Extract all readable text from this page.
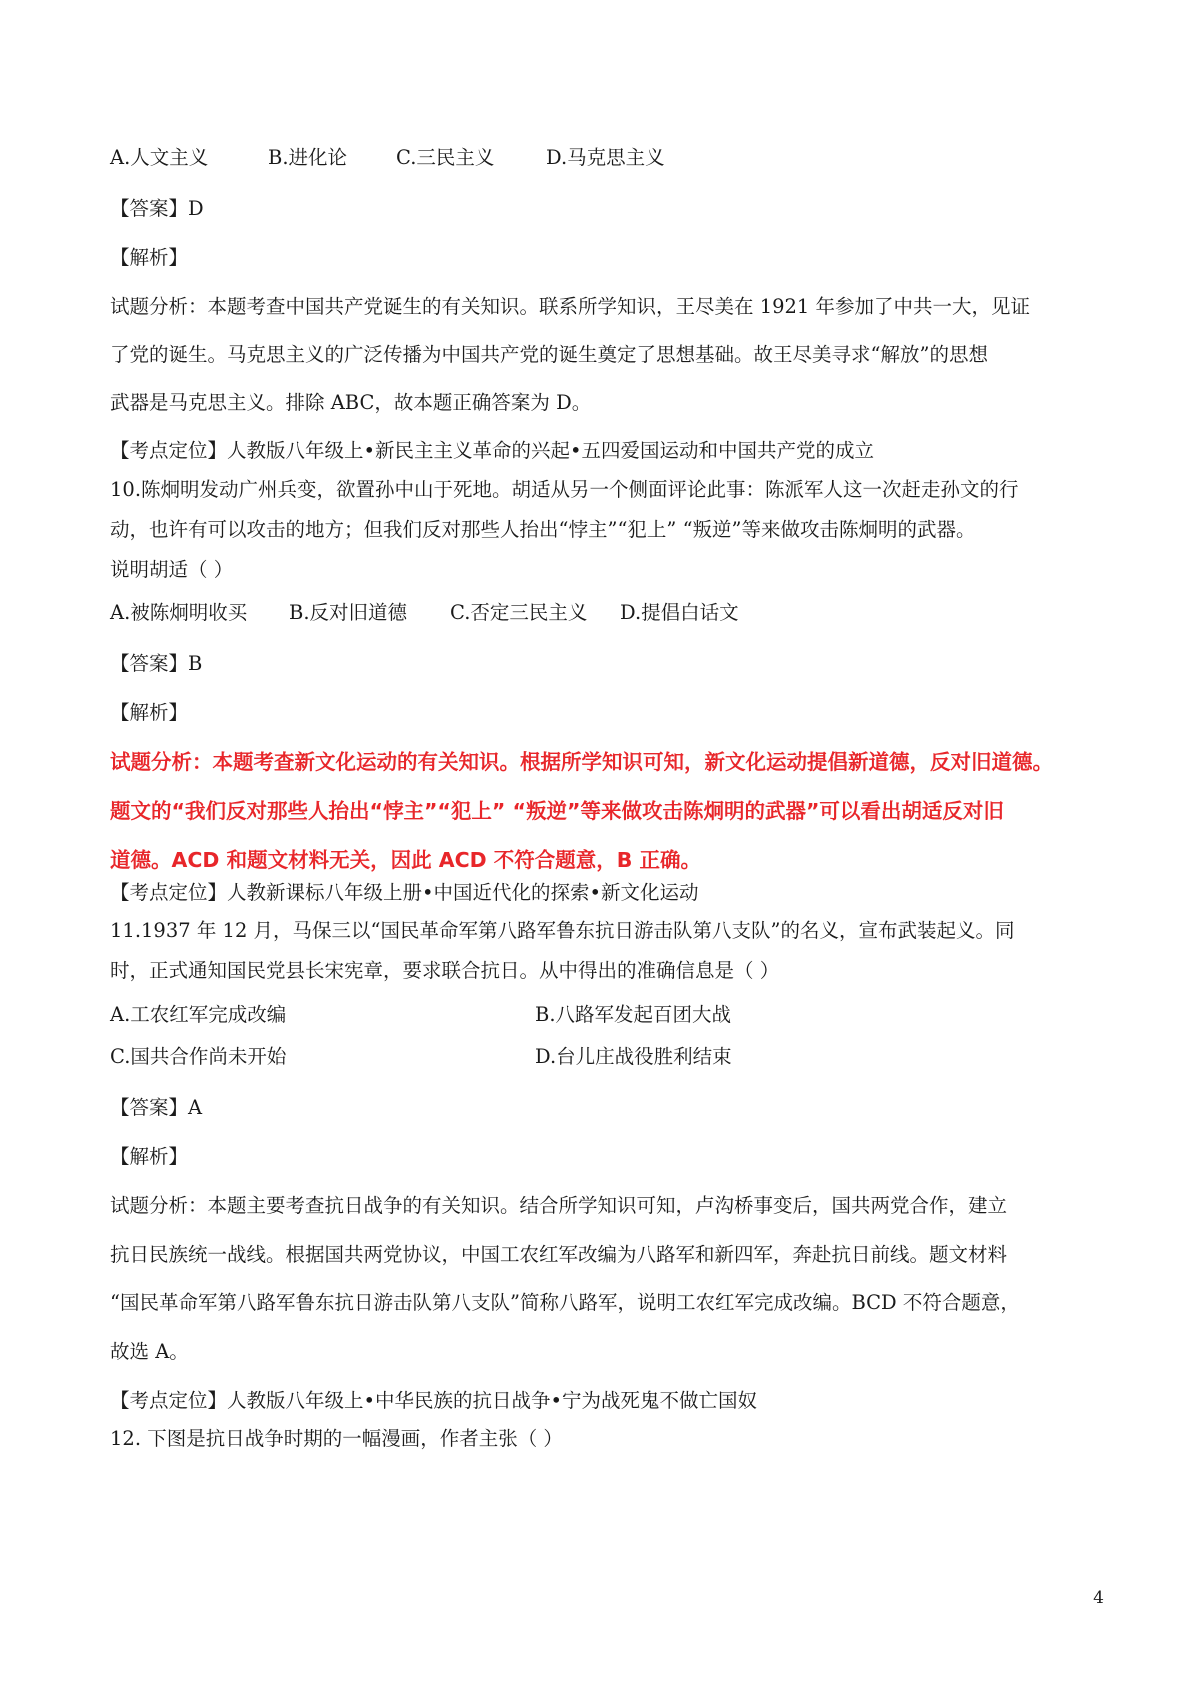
A.人文主义	B.进化论	C.三民主义	D.马克思主义
【答案】D
【解析】
试题分析：本题考查中国共产党诞生的有关知识。联系所学知识，王尽美在 1921 年参加了中共一大，见证
了党的诞生。马克思主义的广泛传播为中国共产党的诞生奠定了思想基础。故王尽美寻求“解放”的思想
武器是马克思主义。排除 ABC，故本题正确答案为 D。
【考点定位】人教版八年级上•新民主主义革命的兴起•五四爱国运动和中国共产党的成立
10.陈炯明发动广州兵变，欲置孙中山于死地。胡适从另一个侧面评论此事：陈派军人这一次赶走孙文的行
动，也许有可以攻击的地方；但我们反对那些人抬出“悖主”“犯上” “叛逆”等来做攻击陈炯明的武器。
说明胡适（ ）
A.被陈炯明收买 B.反对旧道德 C.否定三民主义 D.提倡白话文
【答案】B
【解析】
试题分析：本题考查新文化运动的有关知识。根据所学知识可知，新文化运动提倡新道德，反对旧道德。
题文的“我们反对那些人抬出“悖主”“犯上” “叛逆”等来做攻击陈炯明的武器”可以看出胡适反对旧
道德。ACD 和题文材料无关，因此 ACD 不符合题意，B 正确。
【考点定位】人教新课标八年级上册•中国近代化的探索•新文化运动
11.1937 年 12 月，马保三以“国民革命军第八路军鲁东抗日游击队第八支队”的名义，宣布武装起义。同
时，正式通知国民党县长宋宪章，要求联合抗日。从中得出的准确信息是（ ）
A.工农红军完成改编	B.八路军发起百团大战
C.国共合作尚未开始	D.台儿庄战役胜利结束
【答案】A
【解析】
试题分析：本题主要考查抗日战争的有关知识。结合所学知识可知，卢沟桥事变后，国共两党合作，建立
抗日民族统一战线。根据国共两党协议，中国工农红军改编为八路军和新四军，奔赴抗日前线。题文材料
“国民革命军第八路军鲁东抗日游击队第八支队”简称八路军，说明工农红军完成改编。BCD 不符合题意，
故选 A。
【考点定位】人教版八年级上•中华民族的抗日战争•宁为战死鬼不做亡国奴
12. 下图是抗日战争时期的一幅漫画，作者主张（ ）
4
